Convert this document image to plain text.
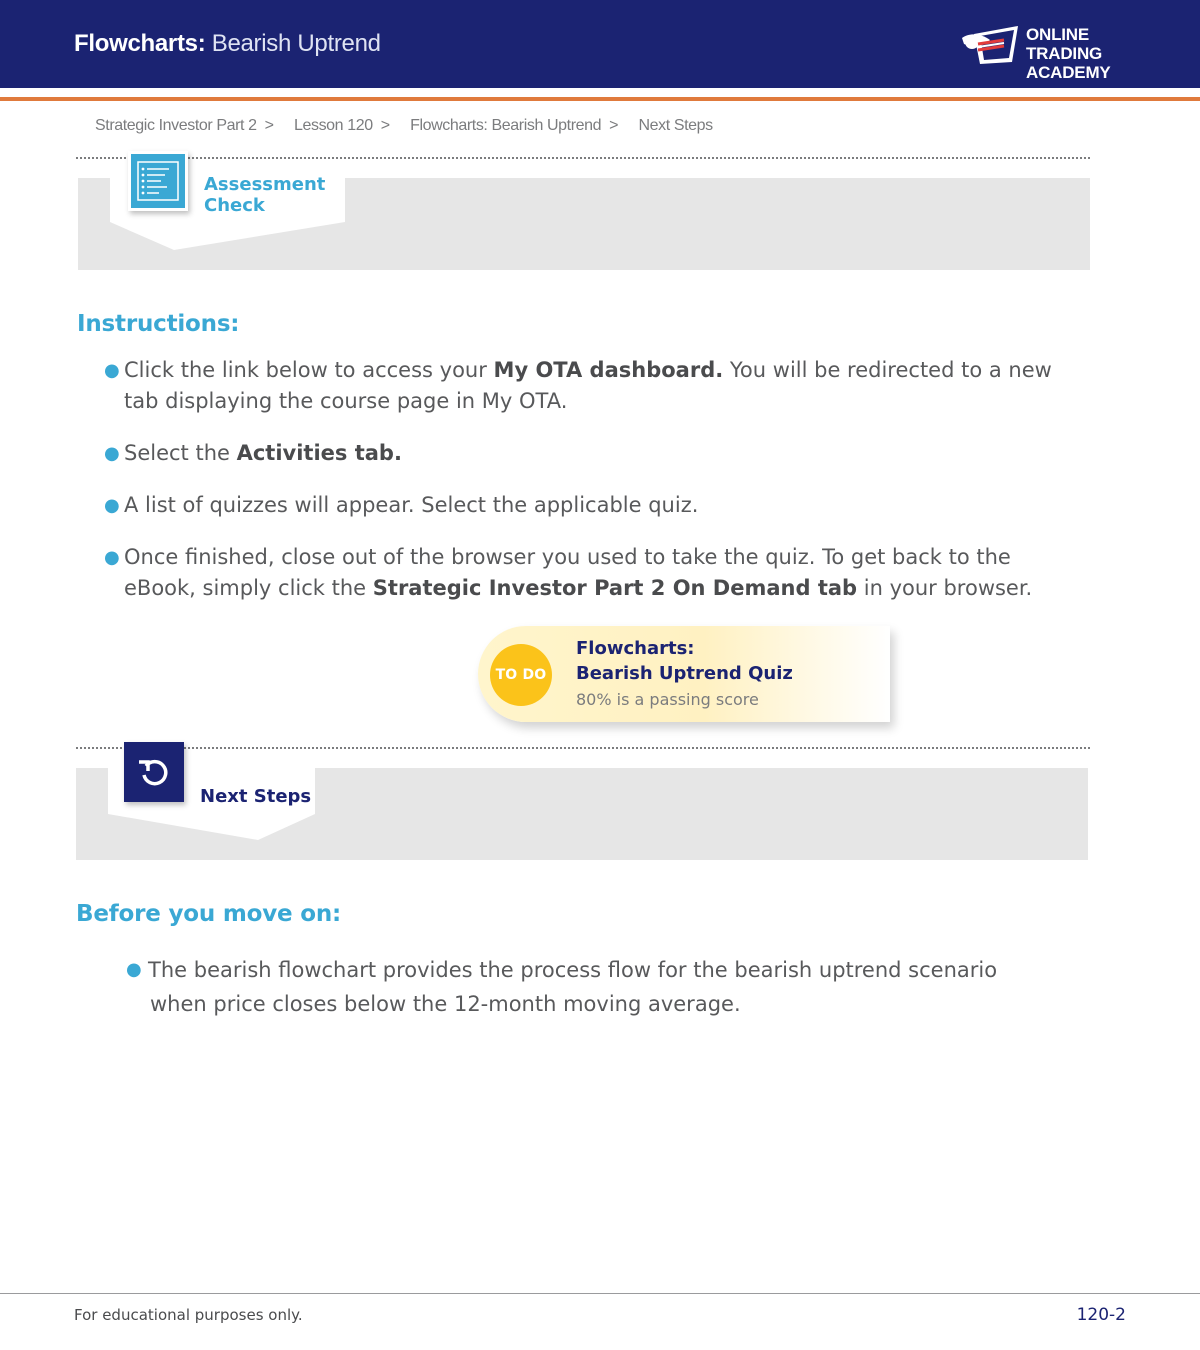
Flowcharts: Bearish Uptrend	ONLINE TRADING
ACADEMY
Strategic Investor Part 2 > Lesson 120 > Flowcharts: Bearish Uptrend > Next Steps
Assessment
Check
Instructions:
● Click the link below to access your My OTA dashboard. You will be redirected to a new tab displaying the course page in My OTA.
● Select the Activities tab.
● A list of quizzes will appear. Select the applicable quiz.
● Once finished, close out of the browser you used to take the quiz. To get back to the eBook, simply click the Strategic Investor Part 2 On Demand tab in your browser.
TO DO
Flowcharts:
Bearish Uptrend Quiz
80% is a passing score
Next Steps
Before you move on:
● The bearish flowchart provides the process flow for the bearish uptrend scenario
when price closes below the 12-month moving average.
For educational purposes only.	120-2
